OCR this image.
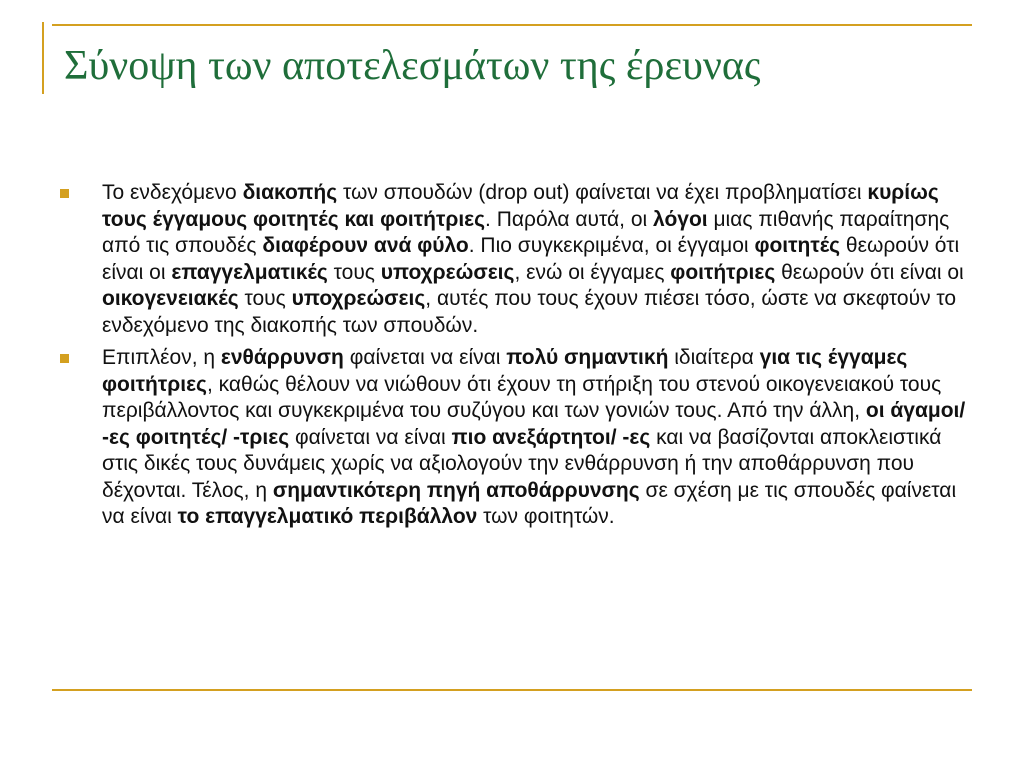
Σύνοψη των αποτελεσμάτων της έρευνας
Το ενδεχόμενο διακοπής των σπουδών (drop out) φαίνεται να έχει προβληματίσει κυρίως τους έγγαμους φοιτητές και φοιτήτριες. Παρόλα αυτά, οι λόγοι μιας πιθανής παραίτησης από τις σπουδές διαφέρουν ανά φύλο. Πιο συγκεκριμένα, οι έγγαμοι φοιτητές θεωρούν ότι είναι οι επαγγελματικές τους υποχρεώσεις, ενώ οι έγγαμες φοιτήτριες θεωρούν ότι είναι οι οικογενειακές τους υποχρεώσεις, αυτές που τους έχουν πιέσει τόσο, ώστε να σκεφτούν το ενδεχόμενο της διακοπής των σπουδών.
Επιπλέον, η ενθάρρυνση φαίνεται να είναι πολύ σημαντική ιδιαίτερα για τις έγγαμες φοιτήτριες, καθώς θέλουν να νιώθουν ότι έχουν τη στήριξη του στενού οικογενειακού τους περιβάλλοντος και συγκεκριμένα του συζύγου και των γονιών τους. Από την άλλη, οι άγαμοι/ -ες φοιτητές/ -τριες φαίνεται να είναι πιο ανεξάρτητοι/ -ες και να βασίζονται αποκλειστικά στις δικές τους δυνάμεις χωρίς να αξιολογούν την ενθάρρυνση ή την αποθάρρυνση που δέχονται. Τέλος, η σημαντικότερη πηγή αποθάρρυνσης σε σχέση με τις σπουδές φαίνεται να είναι το επαγγελματικό περιβάλλον των φοιτητών.
